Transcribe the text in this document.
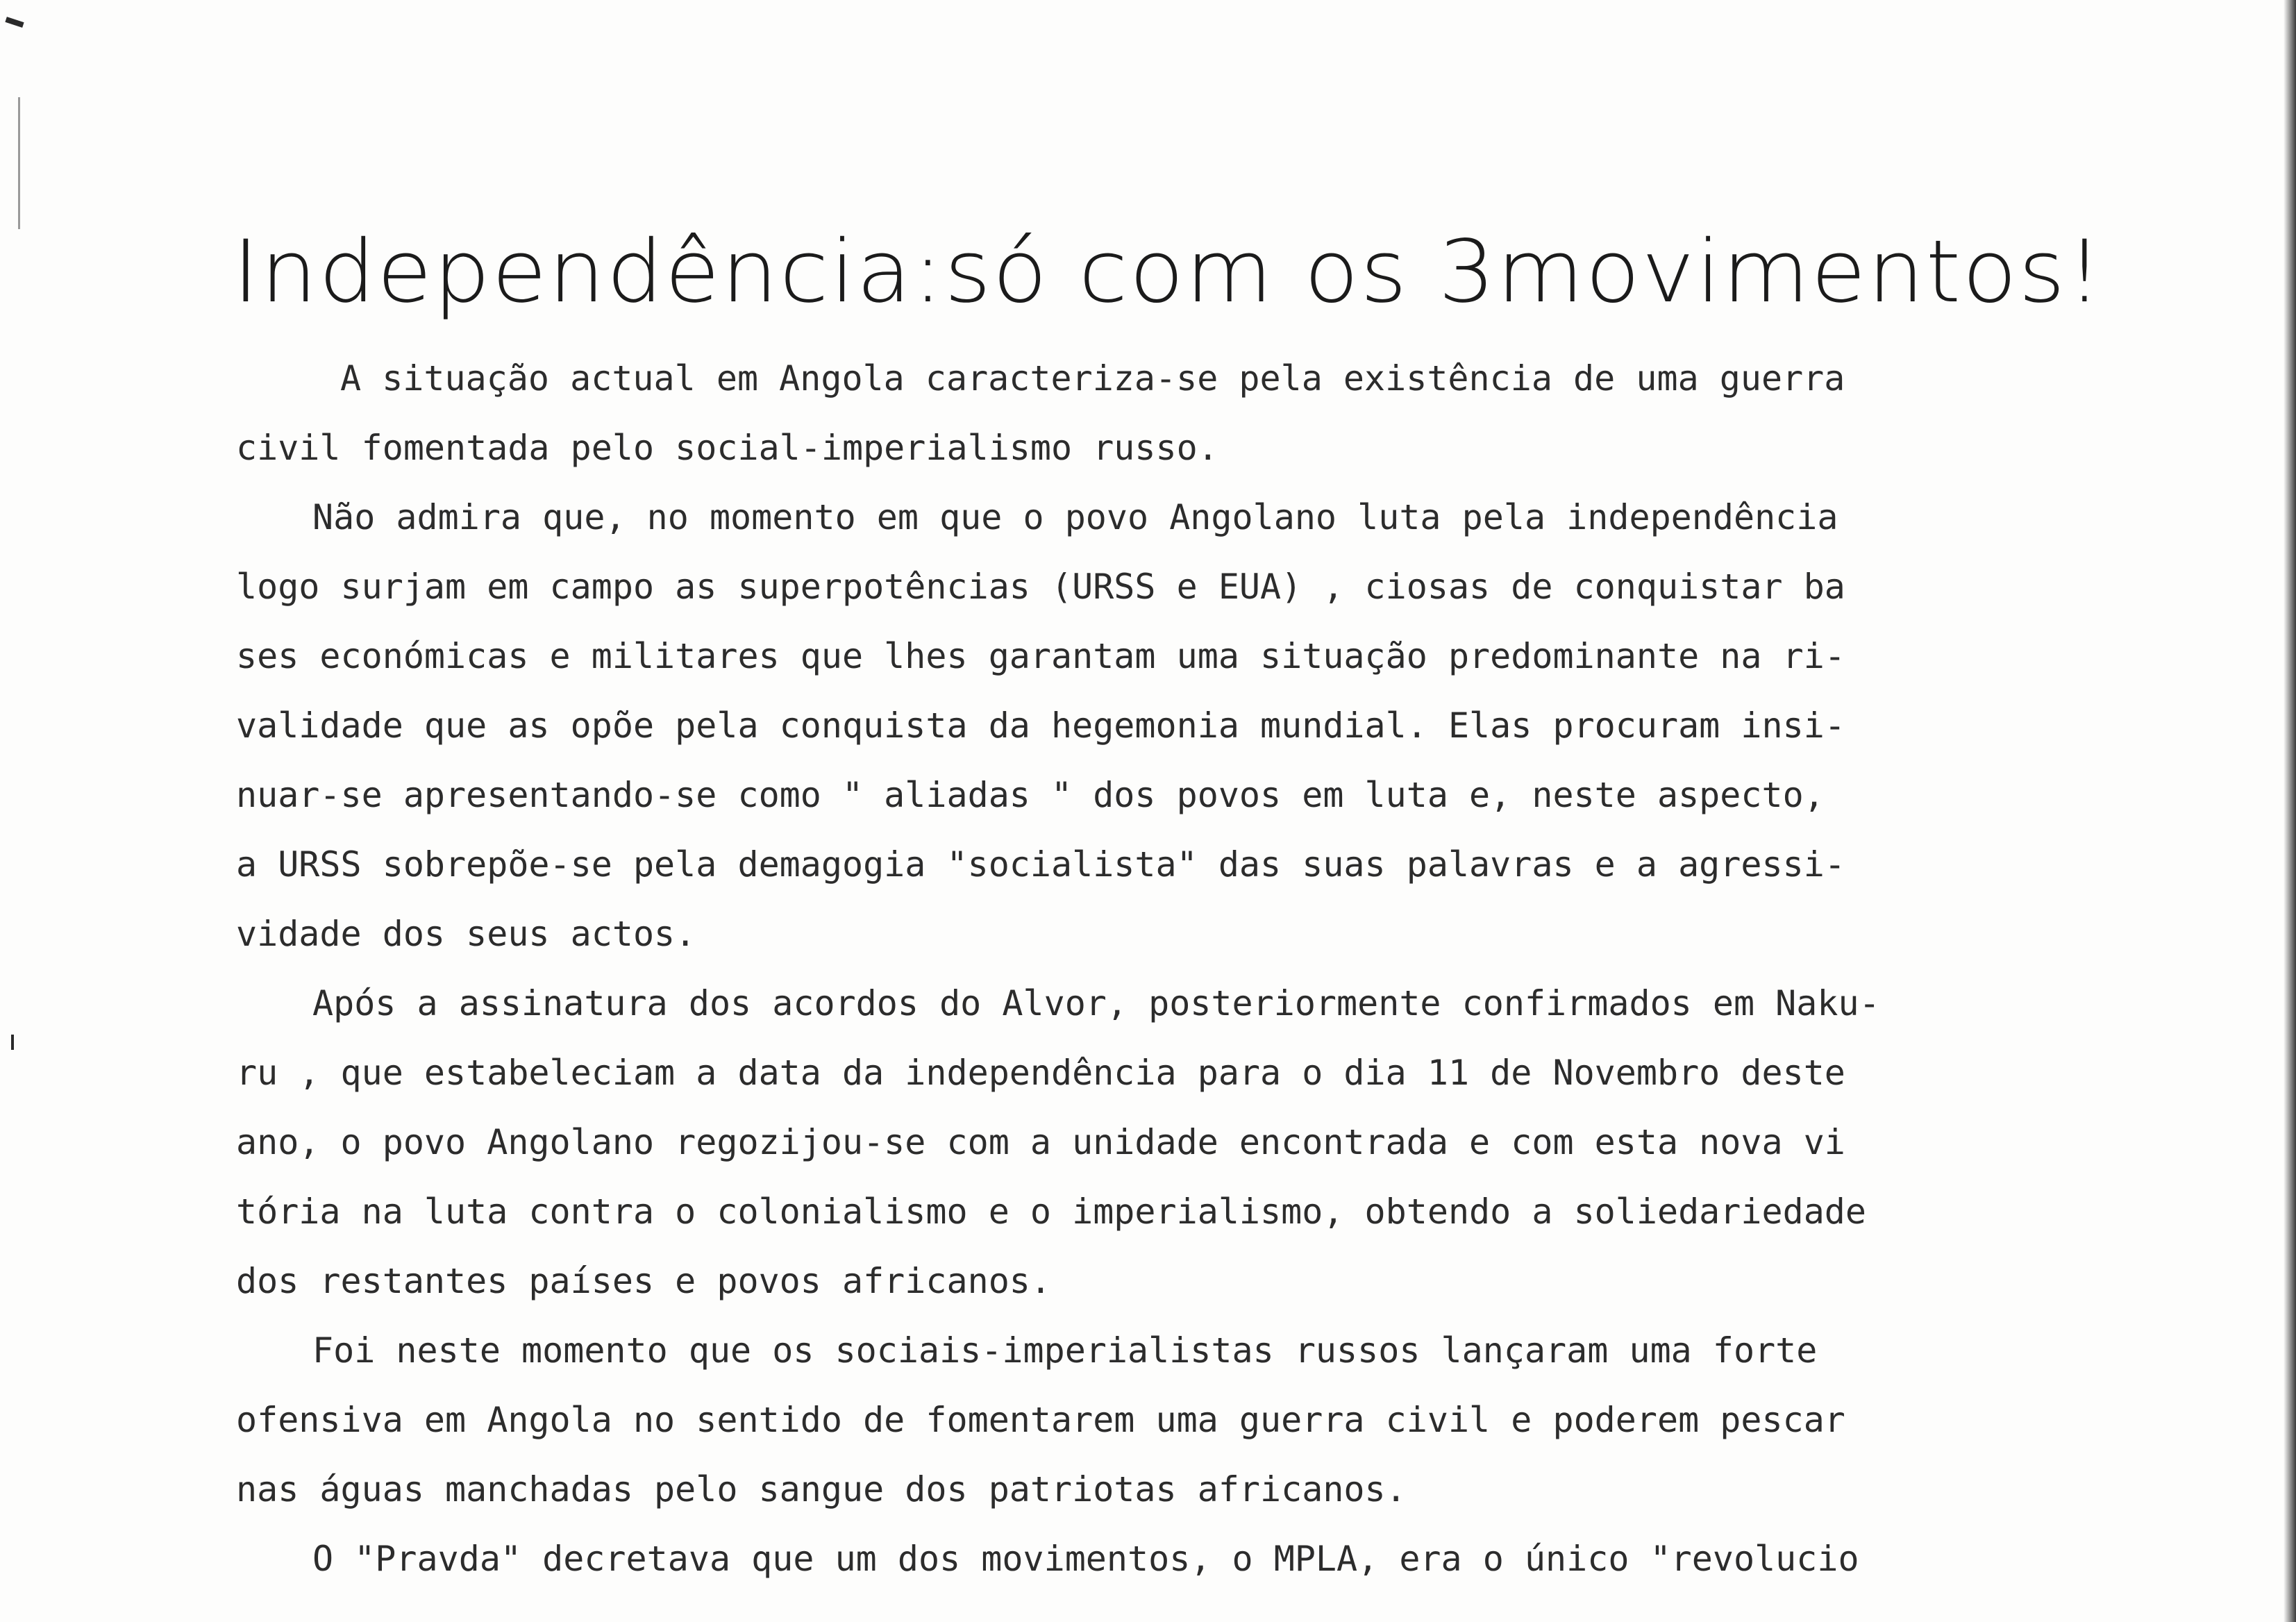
Independência:só com os 3movimentos!
A situação actual em Angola caracteriza-se pela existência de uma guerra
civil fomentada pelo social-imperialismo russo.
Não admira que, no momento em que o povo Angolano luta pela independência
logo surjam em campo as superpotências (URSS e EUA) , ciosas de conquistar ba
ses económicas e militares que lhes garantam uma situação predominante na ri-
validade que as opõe pela conquista da hegemonia mundial. Elas procuram insi-
nuar-se apresentando-se como " aliadas " dos povos em luta e, neste aspecto,
a URSS sobrepõe-se pela demagogia "socialista" das suas palavras e a agressi-
vidade dos seus actos.
Após a assinatura dos acordos do Alvor, posteriormente confirmados em Naku-
ru , que estabeleciam a data da independência para o dia 11 de Novembro deste
ano, o povo Angolano regozijou-se com a unidade encontrada e com esta nova vi
tória na luta contra o colonialismo e o imperialismo, obtendo a soliedariedade
dos restantes países e povos africanos.
Foi neste momento que os sociais-imperialistas russos lançaram uma forte
ofensiva em Angola no sentido de fomentarem uma guerra civil e poderem pescar
nas águas manchadas pelo sangue dos patriotas africanos.
O "Pravda" decretava que um dos movimentos, o MPLA, era o único "revolucio
